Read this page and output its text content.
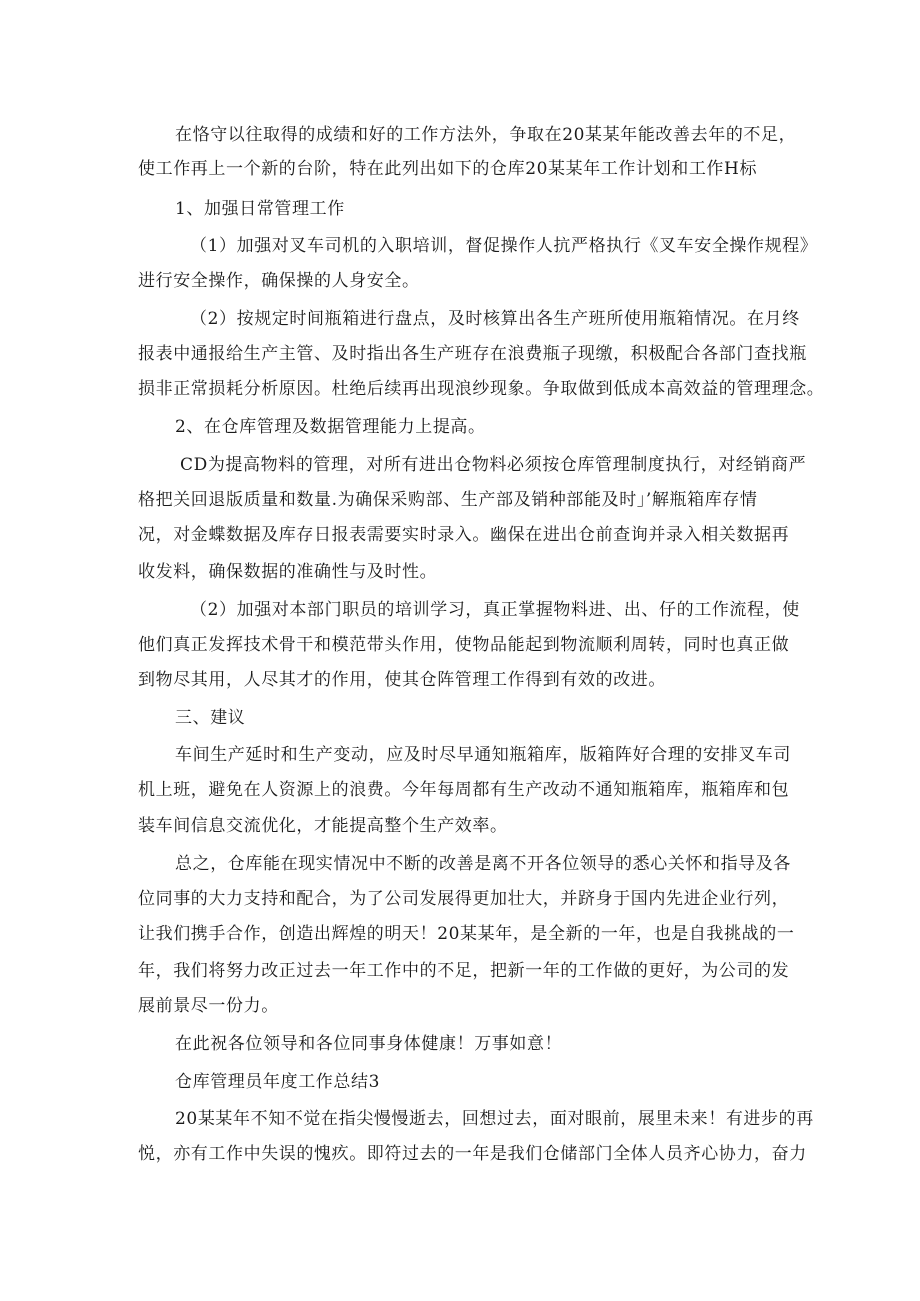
在恪守以往取得的成绩和好的工作方法外，争取在20某某年能改善去年的不足，
使工作再上一个新的台阶，特在此列出如下的仓库20某某年工作计划和工作H标
1、加强日常管理工作
（1）加强对叉车司机的入职培训，督促操作人抗严格执行《叉车安全操作规程》
进行安全操作，确保操的人身安全。
（2）按规定时间瓶箱进行盘点，及时核算出各生产班所使用瓶箱情况。在月终
报表中通报给生产主管、及时指出各生产班存在浪费瓶子现缴，积极配合各部门查找瓶
损非正常损耗分析原因。杜绝后续再出现浪纱现象。争取做到低成本高效益的管理理念。
2、在仓库管理及数据管理能力上提高。
CD为提高物料的管理，对所有进出仓物料必须按仓库管理制度执行，对经销商严
格把关回退版质量和数量.为确保采购部、生产部及销种部能及时」’解瓶箱库存情
况，对金蝶数据及库存日报表需要实时录入。幽保在进出仓前查询并录入相关数据再
收发料，确保数据的准确性与及时性。
（2）加强对本部门职员的培训学习，真正掌握物料进、出、仔的工作流程，使
他们真正发挥技术骨干和模范带头作用，使物品能起到物流顺利周转，同时也真正做
到物尽其用，人尽其才的作用，使其仓阵管理工作得到有效的改进。
三、建议
车间生产延时和生产变动，应及时尽早通知瓶箱库，版箱阵好合理的安排叉车司
机上班，避免在人资源上的浪费。今年每周都有生产改动不通知瓶箱库，瓶箱库和包
装车间信息交流优化，才能提高整个生产效率。
总之，仓库能在现实情况中不断的改善是离不开各位领导的悉心关怀和指导及各
位同事的大力支持和配合，为了公司发展得更加壮大，并跻身于国内先进企业行列，
让我们携手合作，创造出辉煌的明天！20某某年，是全新的一年，也是自我挑战的一
年，我们将努力改正过去一年工作中的不足，把新一年的工作做的更好，为公司的发
展前景尽一份力。
在此祝各位领导和各位同事身体健康！万事如意！
仓库管理员年度工作总结3
20某某年不知不觉在指尖慢慢逝去，回想过去，面对眼前，展里未来！有进步的再
悦，亦有工作中失误的愧疚。即符过去的一年是我们仓储部门全体人员齐心协力，奋力
